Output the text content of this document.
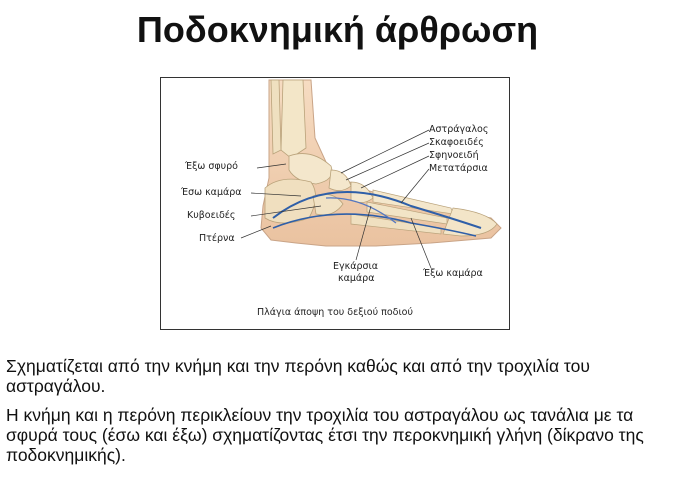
Ποδοκνημική άρθρωση
Αστράγαλος
Σκαφοειδές
Σφηνοειδή
Μετατάρσια
Έξω σφυρό
Έσω καμάρα
Κυβοειδές
Πτέρνα
Εγκάρσια
καμάρα	Έξω καμάρα
Πλάγια άποψη του δεξιού ποδιού
Σχηματίζεται από την κνήμη και την περόνη καθώς και από την τροχιλία του αστραγάλου.
Η κνήμη και η περόνη περικλείουν την τροχιλία του αστραγάλου ως τανάλια με τα σφυρά τους (έσω και έξω) σχηματίζοντας έτσι την περοκνημική γλήνη (δίκρανο της ποδοκνημικής).
